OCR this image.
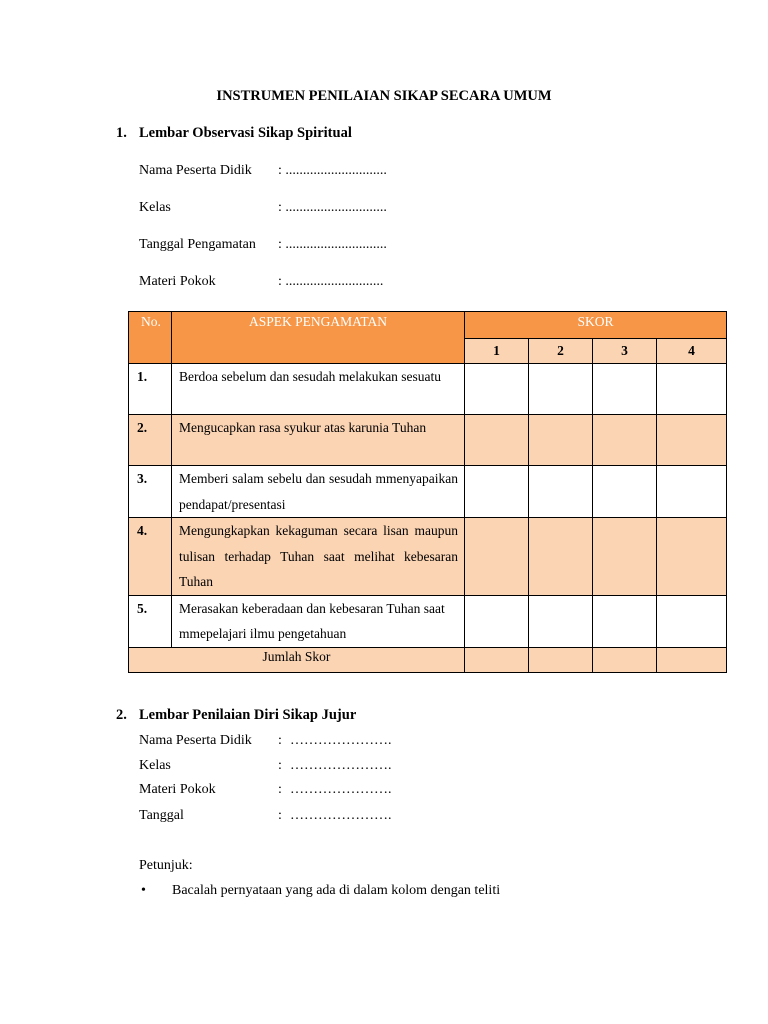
INSTRUMEN PENILAIAN SIKAP SECARA UMUM
1. Lembar Observasi Sikap Spiritual
Nama Peserta Didik : .............................
Kelas	: .............................
Tanggal Pengamatan : .............................
Materi Pokok	: ............................
No.	ASPEK PENGAMATAN	SKOR			
		1	2	3	4
1.	Berdoa sebelum dan sesudah melakukan sesuatu				
2.	Mengucapkan rasa syukur atas karunia Tuhan				
3.	Memberi salam sebelu dan sesudah mmenyapaikan pendapat/presentasi				
4.	Mengungkapkan kekaguman secara lisan maupun tulisan terhadap Tuhan saat melihat kebesaran Tuhan				
5.	Merasakan keberadaan dan kebesaran Tuhan saat mmepelajari ilmu pengetahuan				
Jumlah Skor					
2. Lembar Penilaian Diri Sikap Jujur
Nama Peserta Didik : ………………….
Kelas	: ………………….
Materi Pokok	: ………………….
Tanggal	: ………………….
Petunjuk:
• Bacalah pernyataan yang ada di dalam kolom dengan teliti
